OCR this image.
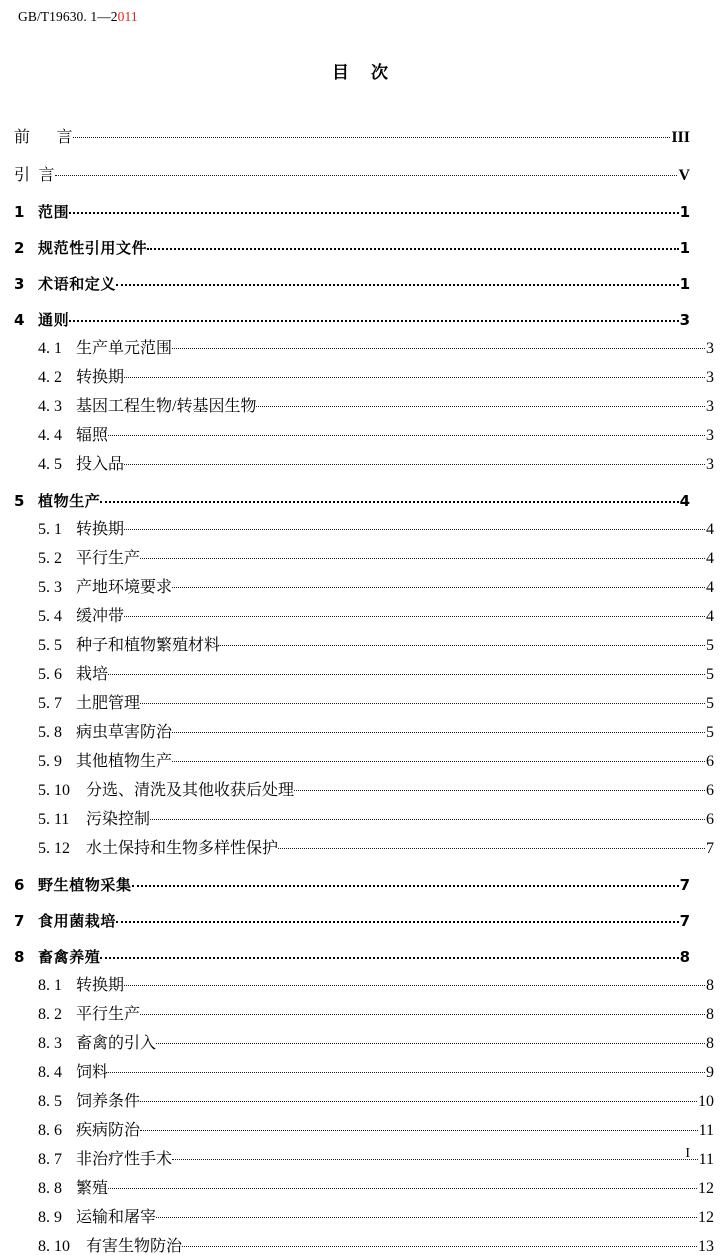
GB/T19630. 1—2011
目 次
前 言	III
引 言	V
1 范围	1
2 规范性引用文件	1
3 术语和定义	1
4 通则	3
4. 1 生产单元范围	3
4. 2 转换期	3
4. 3 基因工程生物/转基因生物	3
4. 4 辐照	3
4. 5 投入品	3
5 植物生产	4
5. 1 转换期	4
5. 2 平行生产	4
5. 3 产地环境要求	4
5. 4 缓冲带	4
5. 5 种子和植物繁殖材料	5
5. 6 栽培	5
5. 7 土肥管理	5
5. 8 病虫草害防治	5
5. 9 其他植物生产	6
5. 10	分选、清洗及其他收获后处理	6
5. 11	污染控制	6
5. 12	水土保持和生物多样性保护	7
6 野生植物采集	7
7 食用菌栽培	7
8 畜禽养殖	8
8. 1 转换期	8
8. 2 平行生产	8
8. 3 畜禽的引入	8
8. 4 饲料	9
8. 5 饲养条件	10
8. 6 疾病防治	11
8. 7 非治疗性手术	11
8. 8 繁殖	12
8. 9 运输和屠宰	12
8. 10	有害生物防治	13
I
